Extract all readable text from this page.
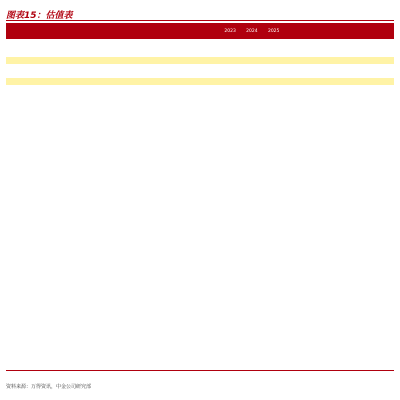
图表15：估值表
2023	2024	2025
资料来源：万得资讯，中金公司研究部
